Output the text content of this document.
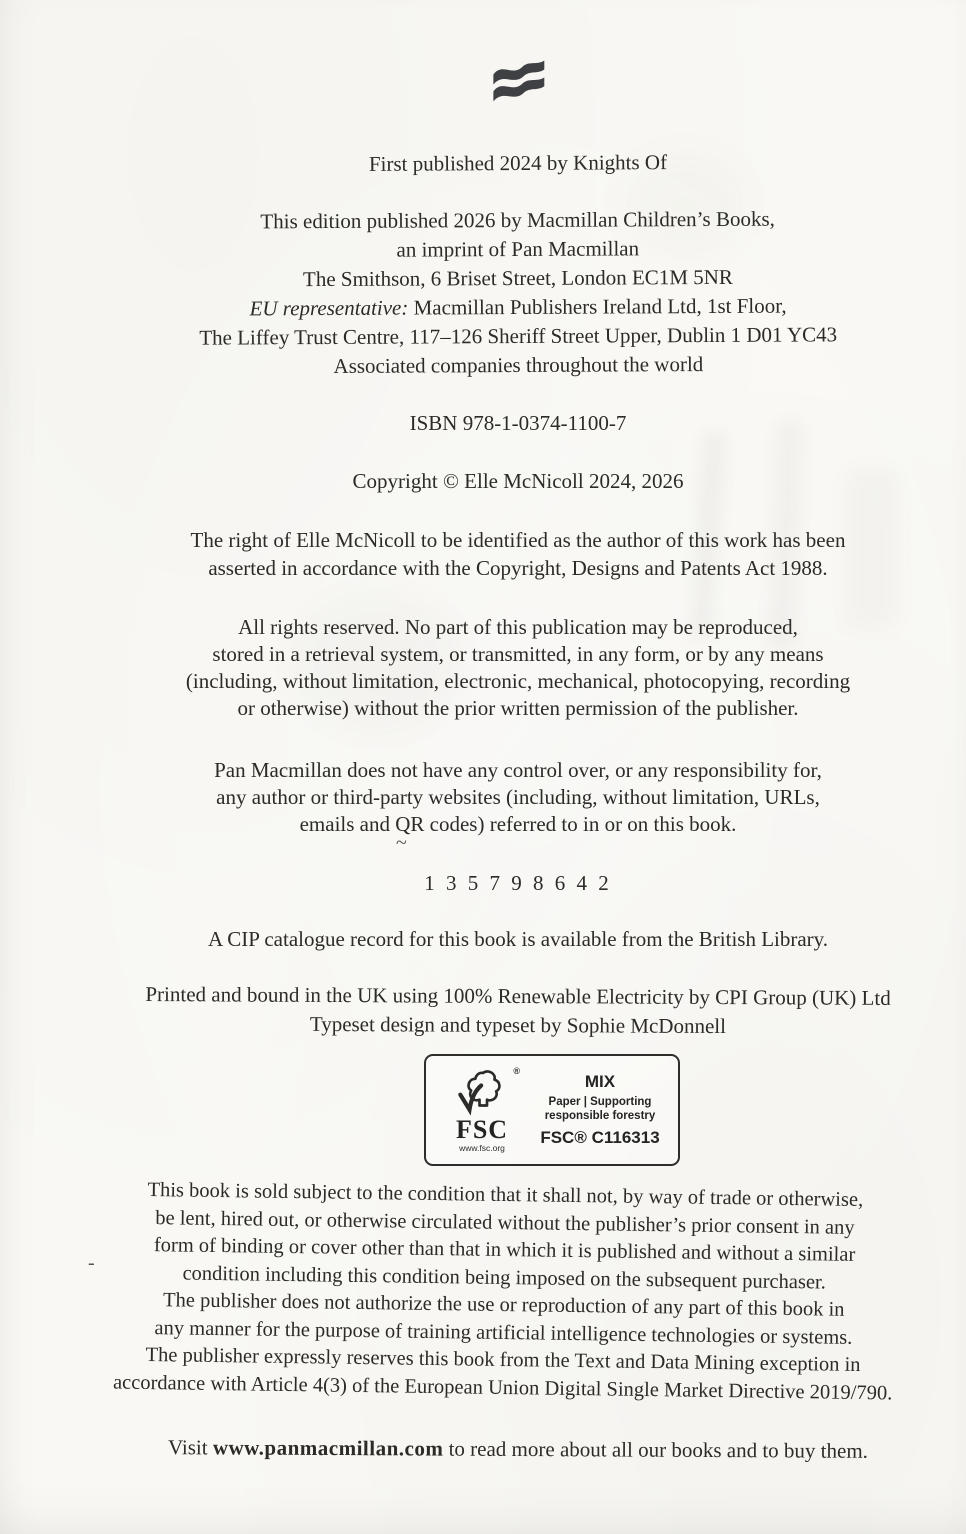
~
-
First published 2024 by Knights Of
This edition published 2026 by Macmillan Children’s Books,
an imprint of Pan Macmillan
The Smithson, 6 Briset Street, London EC1M 5NR
EU representative: Macmillan Publishers Ireland Ltd, 1st Floor,
The Liffey Trust Centre, 117–126 Sheriff Street Upper, Dublin 1 D01 YC43
Associated companies throughout the world
ISBN 978-1-0374-1100-7
Copyright © Elle McNicoll 2024, 2026
The right of Elle McNicoll to be identified as the author of this work has been
asserted in accordance with the Copyright, Designs and Patents Act 1988.
All rights reserved. No part of this publication may be reproduced,
stored in a retrieval system, or transmitted, in any form, or by any means
(including, without limitation, electronic, mechanical, photocopying, recording
or otherwise) without the prior written permission of the publisher.
Pan Macmillan does not have any control over, or any responsibility for,
any author or third-party websites (including, without limitation, URLs,
emails and QR codes) referred to in or on this book.
1 3 5 7 9 8 6 4 2
A CIP catalogue record for this book is available from the British Library.
Printed and bound in the UK using 100% Renewable Electricity by CPI Group (UK) Ltd
Typeset design and typeset by Sophie McDonnell
®
FSC
www.fsc.org
MIX
Paper | Supporting
responsible forestry
FSC® C116313
This book is sold subject to the condition that it shall not, by way of trade or otherwise,
be lent, hired out, or otherwise circulated without the publisher’s prior consent in any
form of binding or cover other than that in which it is published and without a similar
condition including this condition being imposed on the subsequent purchaser.
The publisher does not authorize the use or reproduction of any part of this book in
any manner for the purpose of training artificial intelligence technologies or systems.
The publisher expressly reserves this book from the Text and Data Mining exception in
accordance with Article 4(3) of the European Union Digital Single Market Directive 2019/790.
Visit www.panmacmillan.com to read more about all our books and to buy them.
